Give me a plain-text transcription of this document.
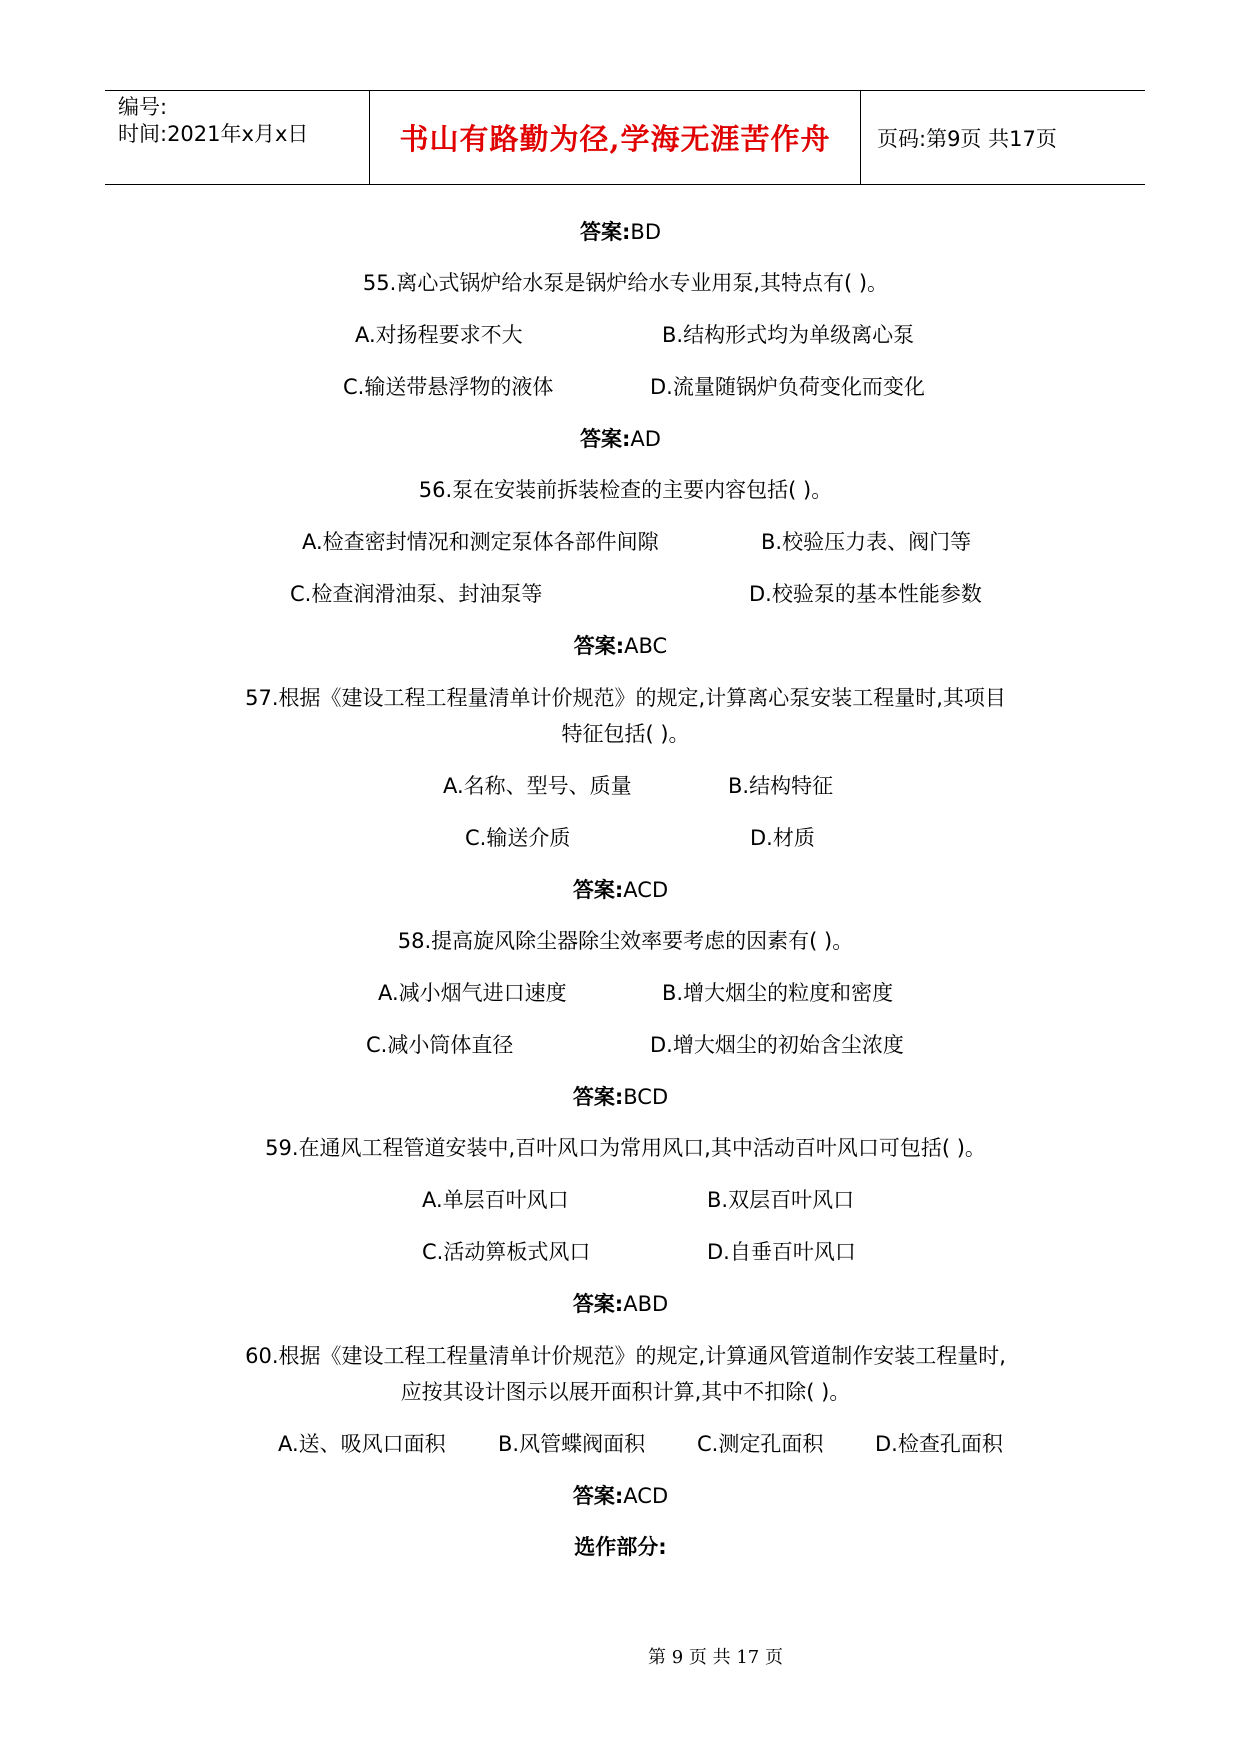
编号:
时间:2021年x月x日	书山有路勤为径,学海无涯苦作舟 页码:第9页 共17页
答案:BD
55.离心式锅炉给水泵是锅炉给水专业用泵,其特点有( )。
A.对扬程要求不大	B.结构形式均为单级离心泵
C.输送带悬浮物的液体	D.流量随锅炉负荷变化而变化
答案:AD
56.泵在安装前拆装检查的主要内容包括( )。
A.检查密封情况和测定泵体各部件间隙	B.校验压力表、阀门等
C.检查润滑油泵、封油泵等	D.校验泵的基本性能参数
答案:ABC
57.根据《建设工程工程量清单计价规范》的规定,计算离心泵安装工程量时,其项目
特征包括( )。
A.名称、型号、质量	B.结构特征
C.输送介质	D.材质
答案:ACD
58.提高旋风除尘器除尘效率要考虑的因素有( )。
A.减小烟气进口速度	B.增大烟尘的粒度和密度
C.减小筒体直径	D.增大烟尘的初始含尘浓度
答案:BCD
59.在通风工程管道安装中,百叶风口为常用风口,其中活动百叶风口可包括( )。
A.单层百叶风口	B.双层百叶风口
C.活动箅板式风口	D.自垂百叶风口
答案:ABD
60.根据《建设工程工程量清单计价规范》的规定,计算通风管道制作安装工程量时,
应按其设计图示以展开面积计算,其中不扣除( )。
A.送、吸风口面积 B.风管蝶阀面积 C.测定孔面积 D.检查孔面积
答案:ACD
选作部分:
第 9 页 共 17 页
